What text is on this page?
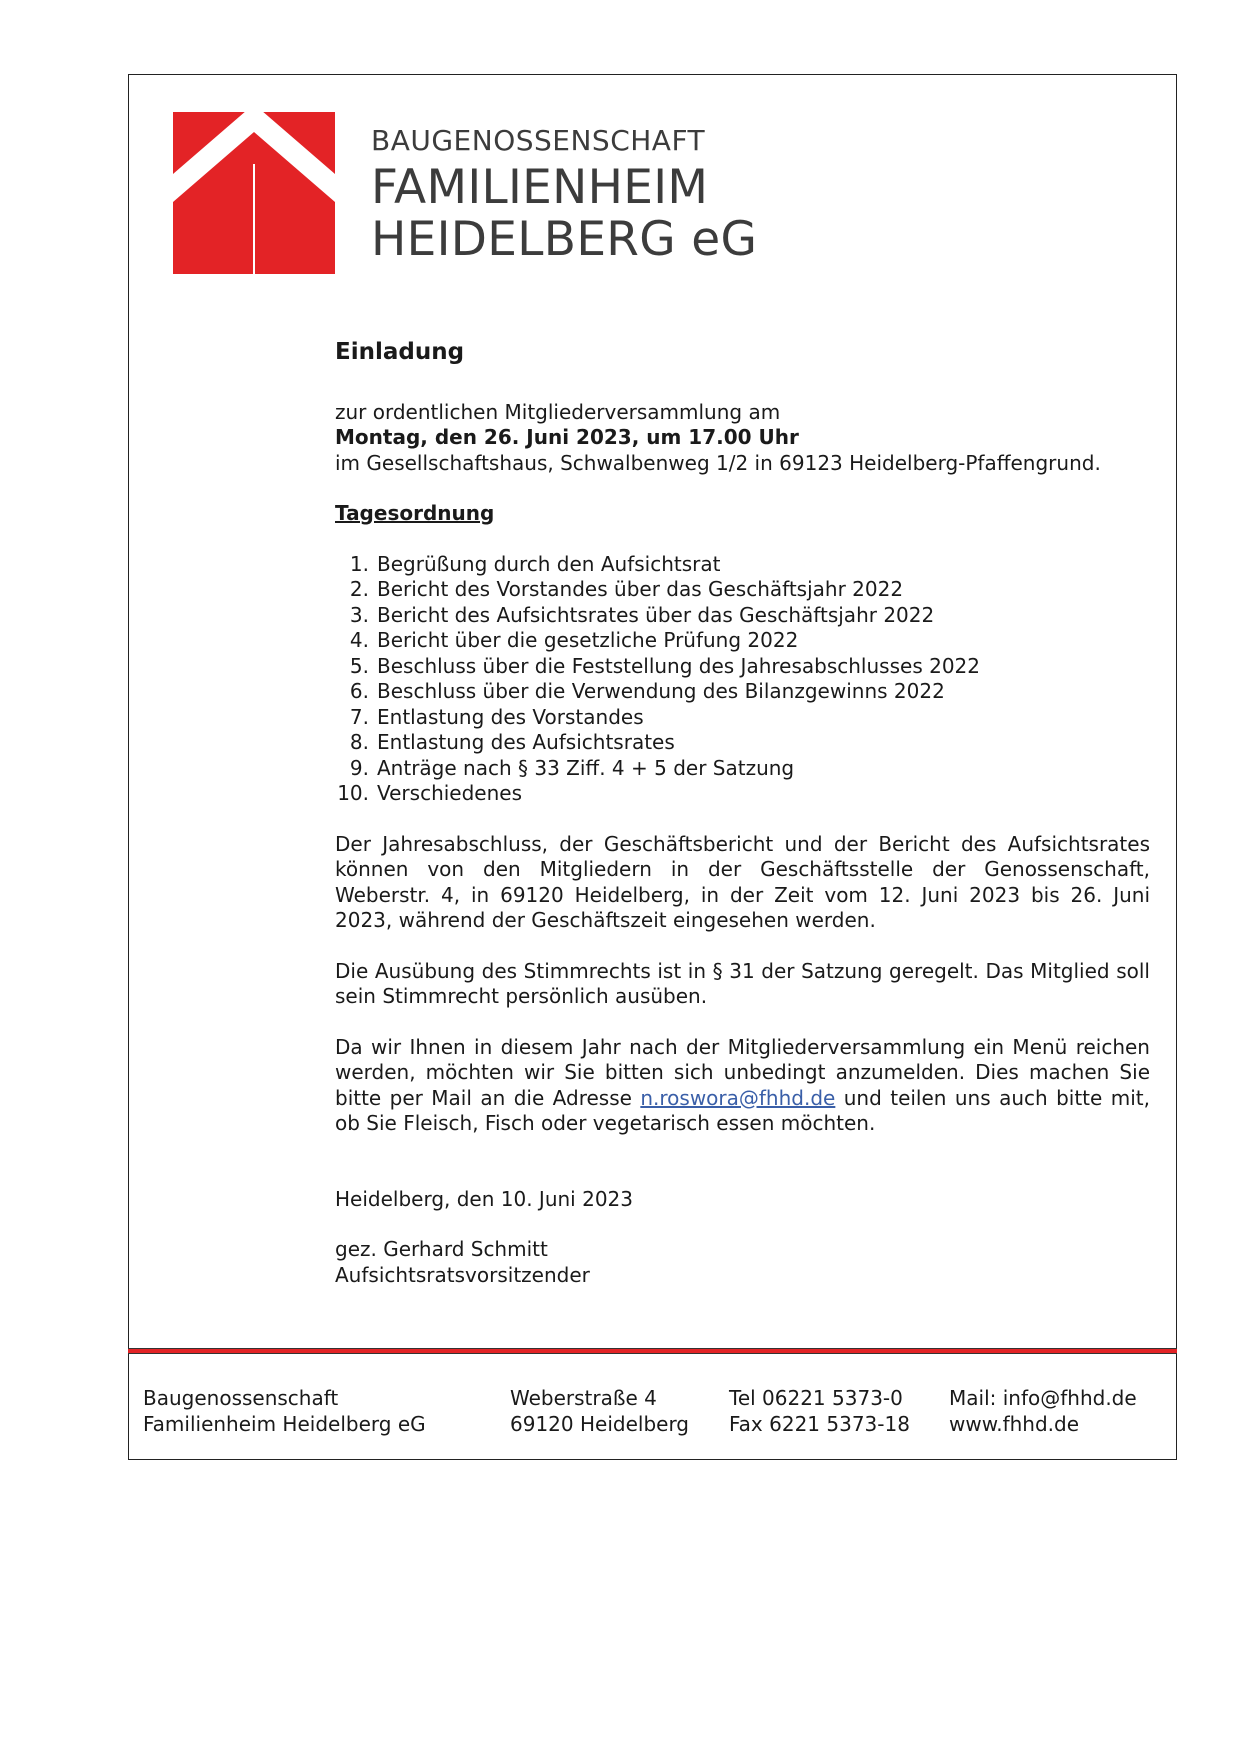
BAUGENOSSENSCHAFT
FAMILIENHEIM
HEIDELBERG eG

Einladung

zur ordentlichen Mitgliederversammlung am

Montag, den 26. Juni 2023, um 17.00 Uhr

im Gesellschaftshaus, Schwalbenweg 1/2 in 69123 Heidelberg-Pfaffengrund.

Tagesordnung

1. Begrüßung durch den Aufsichtsrat
2. Bericht des Vorstandes über das Geschäftsjahr 2022
3. Bericht des Aufsichtsrates über das Geschäftsjahr 2022
4. Bericht über die gesetzliche Prüfung 2022
5. Beschluss über die Feststellung des Jahresabschlusses 2022
6. Beschluss über die Verwendung des Bilanzgewinns 2022
7. Entlastung des Vorstandes
8. Entlastung des Aufsichtsrates
9. Anträge nach § 33 Ziff. 4 + 5 der Satzung
10. Verschiedenes

Der Jahresabschluss, der Geschäftsbericht und der Bericht des Aufsichtsrates können von den Mitgliedern in der Geschäftsstelle der Genossenschaft, Weberstr. 4, in 69120 Heidelberg, in der Zeit vom 12. Juni 2023 bis 26. Juni 2023, während der Geschäftszeit eingesehen werden.

Die Ausübung des Stimmrechts ist in § 31 der Satzung geregelt. Das Mitglied soll sein Stimmrecht persönlich ausüben.

Da wir Ihnen in diesem Jahr nach der Mitgliederversammlung ein Menü reichen werden, möchten wir Sie bitten sich unbedingt anzumelden. Dies machen Sie bitte per Mail an die Adresse n.roswora@fhhd.de und teilen uns auch bitte mit, ob Sie Fleisch, Fisch oder vegetarisch essen möchten.

Heidelberg, den 10. Juni 2023

gez. Gerhard Schmitt

Aufsichtsratsvorsitzender

Baugenossenschaft
Familienheim Heidelberg eG
Weberstraße 4
69120 Heidelberg
Tel 06221 5373-0
Fax 6221 5373-18
Mail: info@fhhd.de
www.fhhd.de
